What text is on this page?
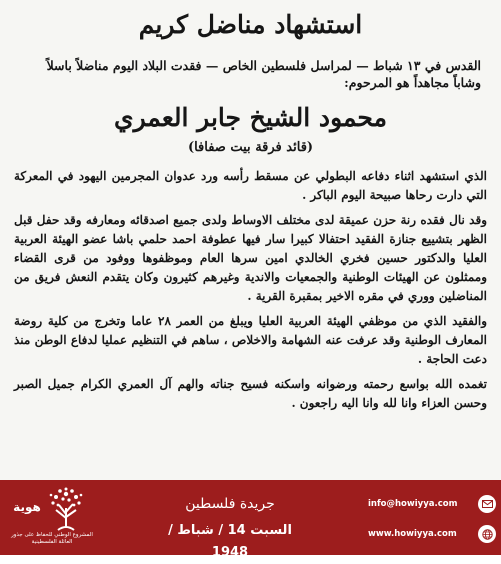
استشهاد مناضل كريم
القدس في ١٣ شباط — لمراسل فلسطين الخاص — فقدت البلاد اليوم مناضلاً باسلاً وشاباً مجاهداً هو المرحوم:
محمود الشيخ جابر العمري
(قائد فرقة بيت صفافا)

الذي استشهد اثناء دفاعه البطولي عن مسقط رأسه ورد عدوان المجرمين اليهود في المعركة التي دارت رحاها صبيحة اليوم الباكر .

وقد نال فقده رنة حزن عميقة لدى مختلف الاوساط ولدى جميع اصدقائه ومعارفه وقد حفل قبل الظهر بتشييع جنازة الفقيد احتفالا كبيرا سار فيها عطوفة احمد حلمي باشا عضو الهيئة العربية العليا والدكتور حسين فخري الخالدي امين سرها العام وموظفوها ووفود من قرى القضاء وممثلون عن الهيئات الوطنية والجمعيات والاندية وغيرهم كثيرون وكان يتقدم النعش فريق من المناضلين ووري في مقره الاخير بمقبرة القرية .

والفقيد الذي من موظفي الهيئة العربية العليا ويبلغ من العمر ٢٨ عاما وتخرج من كلية روضة المعارف الوطنية وقد عرفت عنه الشهامة والاخلاص ، ساهم في التنظيم عمليا لدفاع الوطن منذ دعت الحاجة .

تغمده الله بواسع رحمته ورضوانه واسكنه فسيح جناته والهم آل العمري الكرام جميل الصبر وحسن العزاء وانا لله وانا اليه راجعون .

هوية
المشروع الوطني للحفاظ على جذور العائلة الفلسطينية
جريدة فلسطين
السبت 14 / شباط / 1948
info@howiyya.com
www.howiyya.com
